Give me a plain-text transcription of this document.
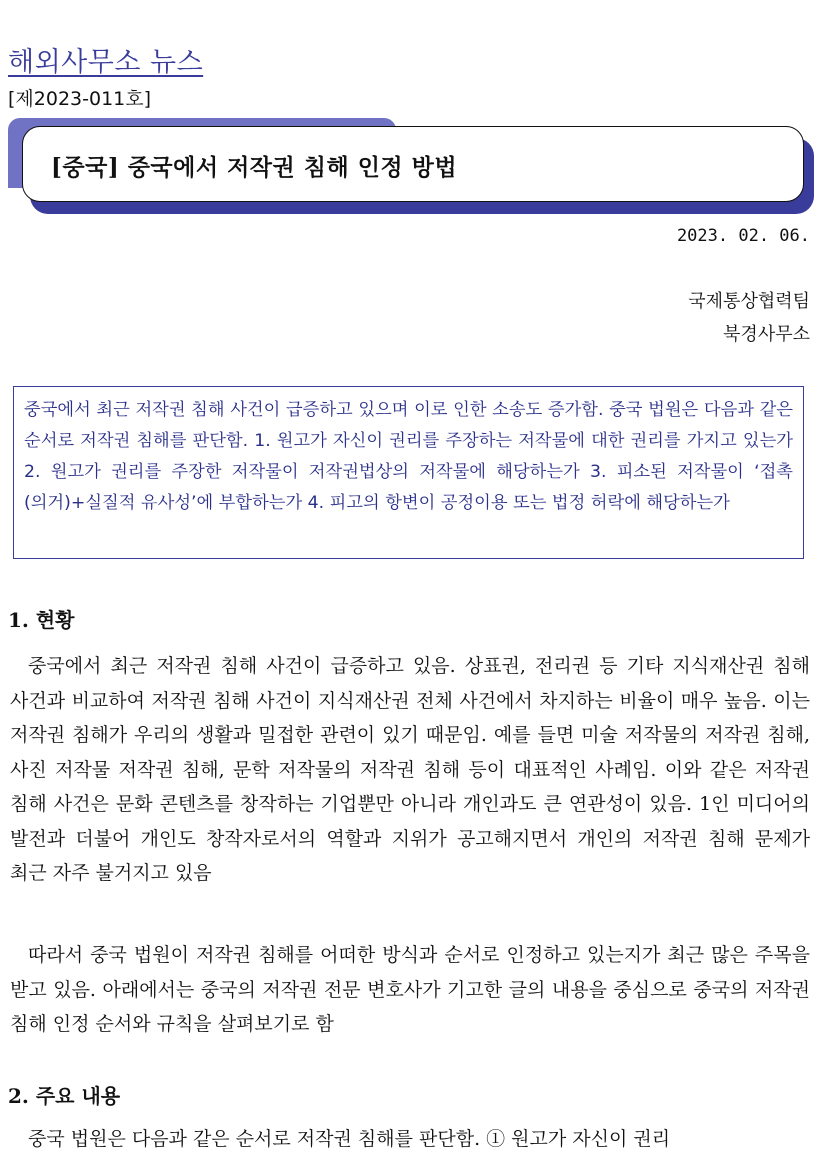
해외사무소 뉴스
[제2023-011호]
[중국] 중국에서 저작권 침해 인정 방법
2023. 02. 06.
국제통상협력팀
북경사무소
중국에서 최근 저작권 침해 사건이 급증하고 있으며 이로 인한 소송도 증가함. 중국 법원은 다음과 같은 순서로 저작권 침해를 판단함. 1. 원고가 자신이 권리를 주장하는 저작물에 대한 권리를 가지고 있는가 2. 원고가 권리를 주장한 저작물이 저작권법상의 저작물에 해당하는가 3. 피소된 저작물이 ‘접촉(의거)+실질적 유사성’에 부합하는가 4. 피고의 항변이 공정이용 또는 법정 허락에 해당하는가
1. 현황
중국에서 최근 저작권 침해 사건이 급증하고 있음. 상표권, 전리권 등 기타 지식재산권 침해 사건과 비교하여 저작권 침해 사건이 지식재산권 전체 사건에서 차지하는 비율이 매우 높음. 이는 저작권 침해가 우리의 생활과 밀접한 관련이 있기 때문임. 예를 들면 미술 저작물의 저작권 침해, 사진 저작물 저작권 침해, 문학 저작물의 저작권 침해 등이 대표적인 사례임. 이와 같은 저작권 침해 사건은 문화 콘텐츠를 창작하는 기업뿐만 아니라 개인과도 큰 연관성이 있음. 1인 미디어의 발전과 더불어 개인도 창작자로서의 역할과 지위가 공고해지면서 개인의 저작권 침해 문제가 최근 자주 불거지고 있음
따라서 중국 법원이 저작권 침해를 어떠한 방식과 순서로 인정하고 있는지가 최근 많은 주목을 받고 있음. 아래에서는 중국의 저작권 전문 변호사가 기고한 글의 내용을 중심으로 중국의 저작권 침해 인정 순서와 규칙을 살펴보기로 함
2. 주요 내용
중국 법원은 다음과 같은 순서로 저작권 침해를 판단함. ① 원고가 자신이 권리
